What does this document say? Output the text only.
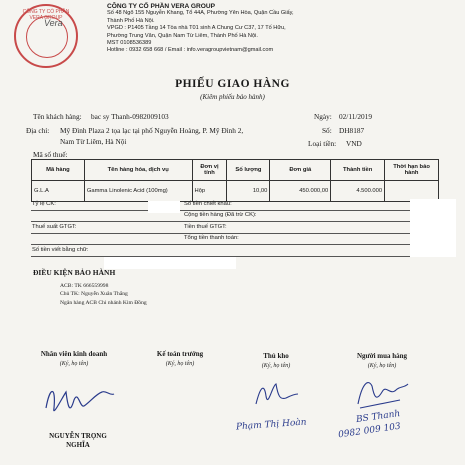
CÔNG TY CỔ PHẦN VERA GROUP
Vera
CÔNG TY CỔ PHẦN VERA GROUP
Số 48 Ngõ 155 Nguyễn Khang, Tổ 44A, Phường Yên Hòa, Quận Cầu Giấy,
Thành Phố Hà Nội.
VPGD : P1405 Tầng 14 Tòa nhà T01 sinh A Chung Cư C37, 17 Tố Hữu,
Phường Trung Văn, Quận Nam Từ Liêm, Thành Phố Hà Nội.
MST 0108536389
Hotline : 0932 658 668 / Email : info.veragroupvietnam@gmail.com
PHIẾU GIAO HÀNG
(Kiêm phiếu bảo hành)
Tên khách hàng: bac sy Thanh-0982009103
Địa chỉ: Mỹ Đình Plaza 2 tọa lạc tại phố Nguyễn Hoàng, P. Mỹ Đình 2,
Nam Từ Liêm, Hà Nội
Mã số thuế:
Ngày: 02/11/2019
Số: DH8187
Loại tiền: VND
Mã hàng	Tên hàng hóa, dịch vụ	Đơn vị tính	Số lượng	Đơn giá	Thành tiền	Thời hạn bảo hành
G.L.A	Gamma Linolenic Acid (100mg)	Hộp	10,00	450.000,00	4.500.000	
Tỷ lệ CK:	Số tiền chiết khấu:
Cộng tiền hàng (Đã trừ CK):
Thuế suất GTGT:	Tiền thuế GTGT:
Tổng tiền thanh toán:
Số tiền viết bằng chữ:
ĐIỀU KIỆN BẢO HÀNH
ACB: TK 666559998
Chủ TK: Nguyễn Xuân Thắng
Ngân hàng ACB Chi nhánh Kim Đồng
Nhân viên kinh doanh
(Ký, họ tên)
Kế toán trưởng
(Ký, họ tên)
Thủ kho
(Ký, họ tên)
Người mua hàng
(Ký, họ tên)
Phạm Thị Hoàn	BS Thanh
0982 009 103
NGUYỄN TRỌNG NGHĨA
